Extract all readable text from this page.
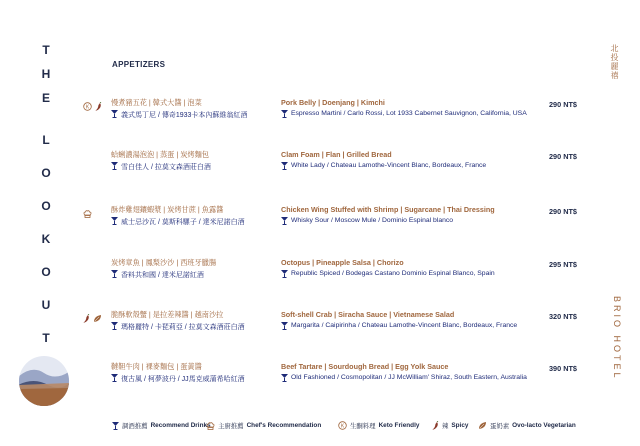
T
H
E
L
O
O
K
O
U
T
APPETIZERS	北投麗禧
BRIO HOTEL
K
慢煮豬五花 | 韓式大醬 | 泡菜
義式馬丁尼 / 傳奇1933卡本內蘇維翁紅酒
Pork Belly | Doenjang | Kimchi
Espresso Martini / Carlo Rossi, Lot 1933 Cabernet Sauvignon, California, USA
290 NT$
蛤蜊濃湯泡泡 | 蒸蛋 | 炭烤麵包
雪白佳人 / 拉莫文森酒莊白酒
Clam Foam | Flan | Grilled Bread
White Lady / Chateau Lamothe-Vincent Blanc, Bordeaux, France
290 NT$
酥炸雞翅鑲蝦漿 | 炭烤甘蔗 | 魚露醬
威士忌沙瓦 / 莫斯科騾子 / 達米尼諾白酒
Chicken Wing Stuffed with Shrimp | Sugarcane | Thai Dressing
Whisky Sour / Moscow Mule / Dominio Espinal blanco
290 NT$
炭烤章魚 | 鳳梨沙沙 | 西班牙臘腸
香料共和國 / 達米尼諾紅酒
Octopus | Pineapple Salsa | Chorizo
Republic Spiced / Bodegas Castano Dominio Espinal Blanco, Spain
295 NT$
脆酥軟殼蟹 | 是拉差辣醬 | 越南沙拉
瑪格麗特 / 卡琵莉亞 / 拉莫文森酒莊白酒
Soft-shell Crab | Siracha Sauce | Vietnamese Salad
Margarita / Caipirinha / Chateau Lamothe-Vincent Blanc, Bordeaux, France
320 NT$
韃靼牛肉 | 裸麥麵包 | 蛋黃醬
復古風 / 柯夢波丹 / JJ馬克威蒲希哈紅酒
Beef Tartare | Sourdough Bread | Egg Yolk Sauce
Old Fashioned / Cosmopolitan / JJ McWilliam' Shiraz, South Eastern, Australia
390 NT$
調酒推薦 Recommend Drinks 主廚推薦 Chef's Recommendation	K 生酮料理 Keto Friendly	辣 Spicy	蛋奶素 Ovo-lacto Vegetarian
